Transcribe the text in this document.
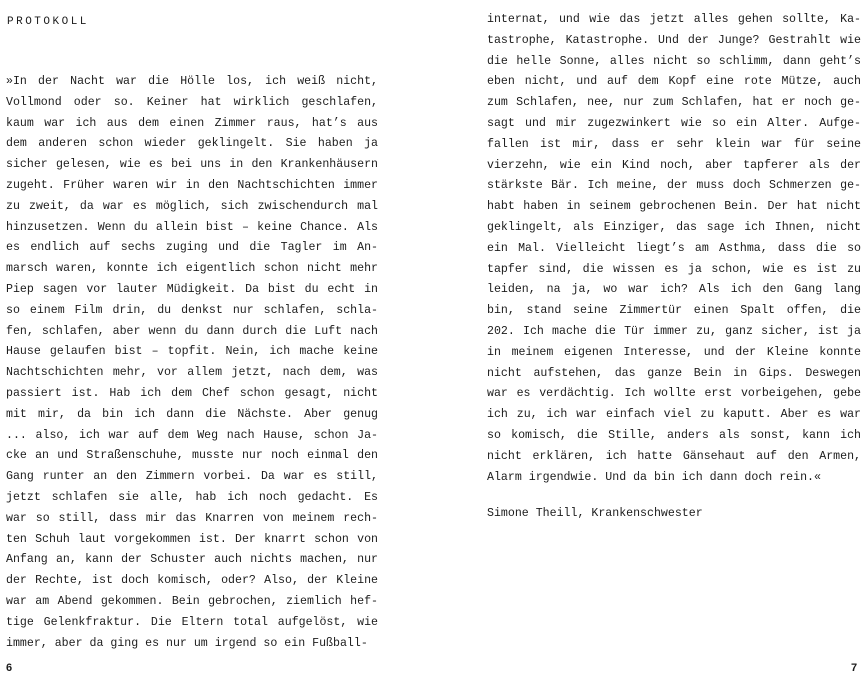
PROTOKOLL
»In der Nacht war die Hölle los, ich weiß nicht,
Vollmond oder so. Keiner hat wirklich geschlafen,
kaum war ich aus dem einen Zimmer raus, hat’s aus
dem anderen schon wieder geklingelt. Sie haben ja
sicher gelesen, wie es bei uns in den Krankenhäusern
zugeht. Früher waren wir in den Nachtschichten immer
zu zweit, da war es möglich, sich zwischendurch mal
hinzusetzen. Wenn du allein bist – keine Chance. Als
es endlich auf sechs zuging und die Tagler im An-
marsch waren, konnte ich eigentlich schon nicht mehr
Piep sagen vor lauter Müdigkeit. Da bist du echt in
so einem Film drin, du denkst nur schlafen, schla-
fen, schlafen, aber wenn du dann durch die Luft nach
Hause gelaufen bist – topfit. Nein, ich mache keine
Nachtschichten mehr, vor allem jetzt, nach dem, was
passiert ist. Hab ich dem Chef schon gesagt, nicht
mit mir, da bin ich dann die Nächste. Aber genug
... also, ich war auf dem Weg nach Hause, schon Ja-
cke an und Straßenschuhe, musste nur noch einmal den
Gang runter an den Zimmern vorbei. Da war es still,
jetzt schlafen sie alle, hab ich noch gedacht. Es
war so still, dass mir das Knarren von meinem rech-
ten Schuh laut vorgekommen ist. Der knarrt schon von
Anfang an, kann der Schuster auch nichts machen, nur
der Rechte, ist doch komisch, oder? Also, der Kleine
war am Abend gekommen. Bein gebrochen, ziemlich hef-
tige Gelenkfraktur. Die Eltern total aufgelöst, wie
immer, aber da ging es nur um irgend so ein Fußball-
6
internat, und wie das jetzt alles gehen sollte, Ka-
tastrophe, Katastrophe. Und der Junge? Gestrahlt wie
die helle Sonne, alles nicht so schlimm, dann geht’s
eben nicht, und auf dem Kopf eine rote Mütze, auch
zum Schlafen, nee, nur zum Schlafen, hat er noch ge-
sagt und mir zugezwinkert wie so ein Alter. Aufge-
fallen ist mir, dass er sehr klein war für seine
vierzehn, wie ein Kind noch, aber tapferer als der
stärkste Bär. Ich meine, der muss doch Schmerzen ge-
habt haben in seinem gebrochenen Bein. Der hat nicht
geklingelt, als Einziger, das sage ich Ihnen, nicht
ein Mal. Vielleicht liegt’s am Asthma, dass die so
tapfer sind, die wissen es ja schon, wie es ist zu
leiden, na ja, wo war ich? Als ich den Gang lang
bin, stand seine Zimmertür einen Spalt offen, die
202. Ich mache die Tür immer zu, ganz sicher, ist ja
in meinem eigenen Interesse, und der Kleine konnte
nicht aufstehen, das ganze Bein in Gips. Deswegen
war es verdächtig. Ich wollte erst vorbeigehen, gebe
ich zu, ich war einfach viel zu kaputt. Aber es war
so komisch, die Stille, anders als sonst, kann ich
nicht erklären, ich hatte Gänsehaut auf den Armen,
Alarm irgendwie. Und da bin ich dann doch rein.«
Simone Theill, Krankenschwester
7
